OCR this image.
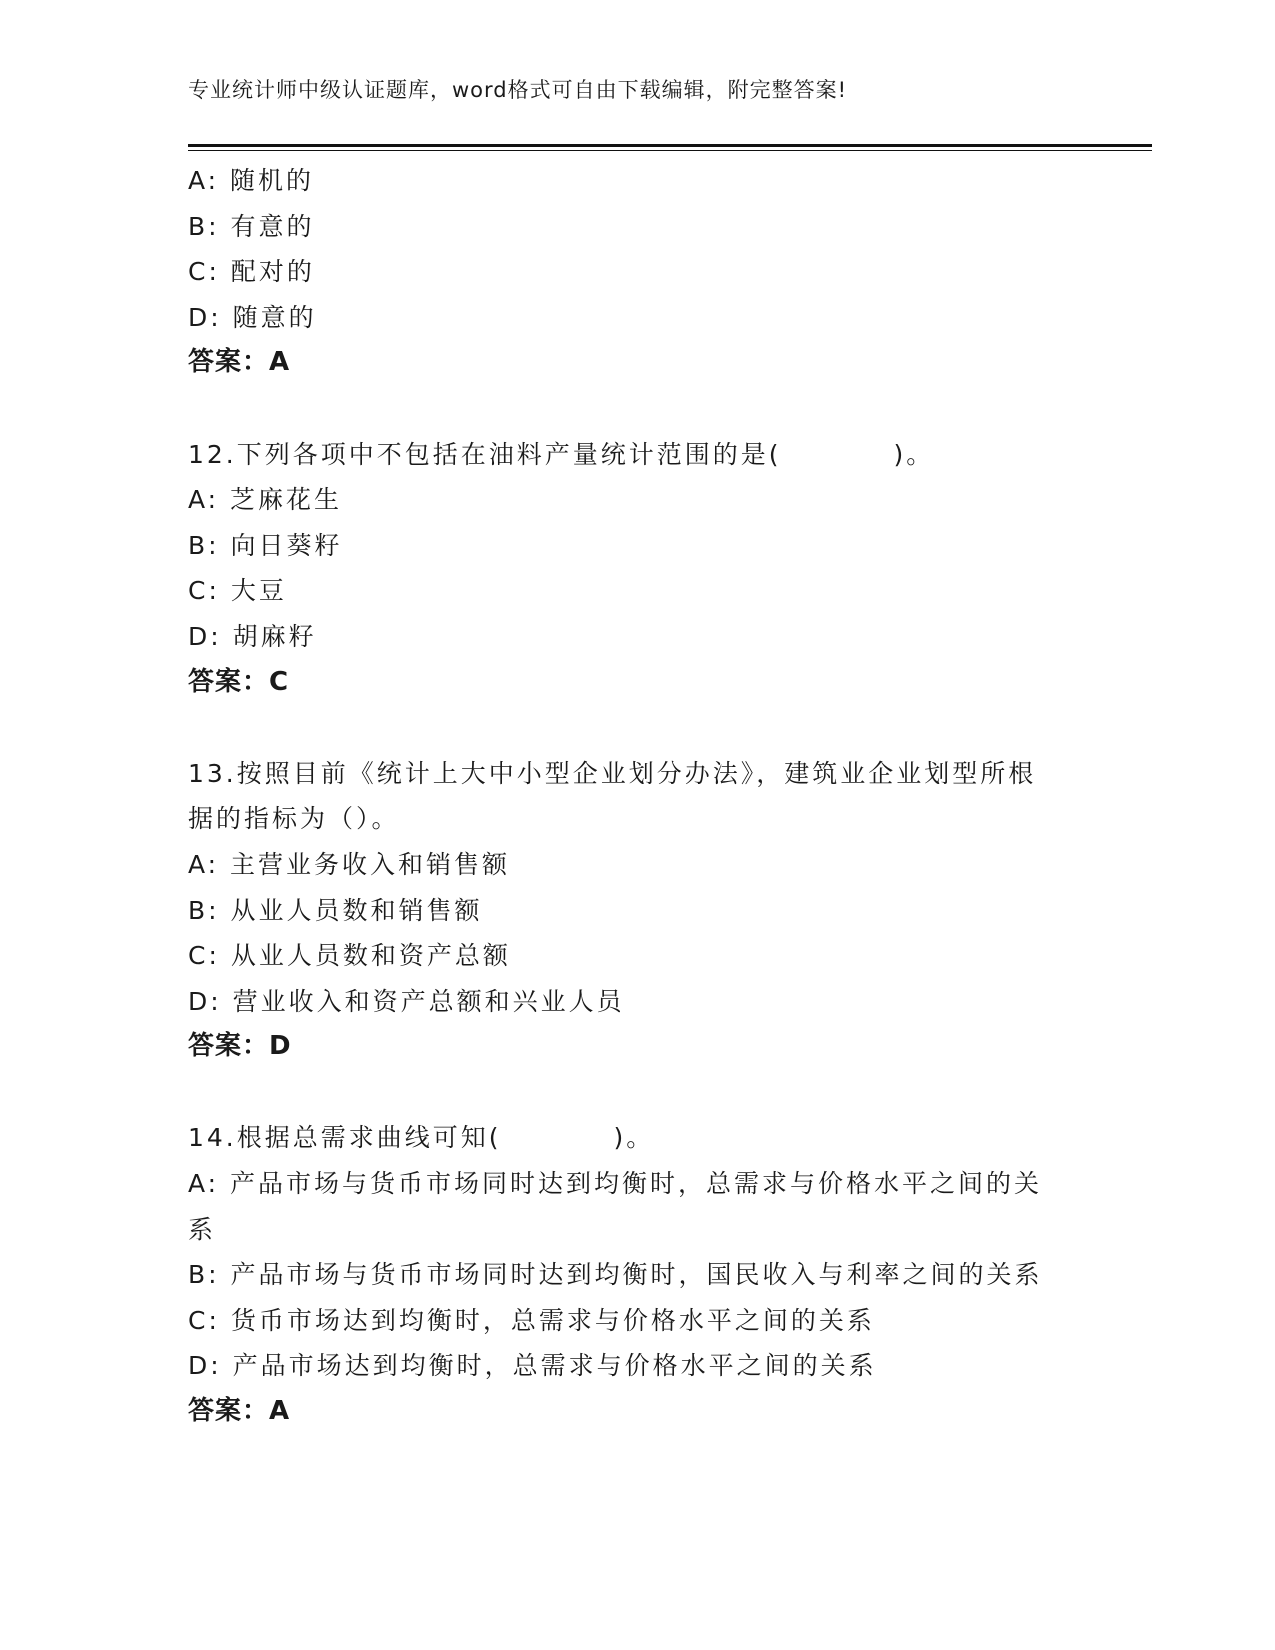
专业统计师中级认证题库，word格式可自由下载编辑，附完整答案!
A: 随机的
B: 有意的
C: 配对的
D: 随意的
答案：A
12.下列各项中不包括在油料产量统计范围的是(　　　　)。
A: 芝麻花生
B: 向日葵籽
C: 大豆
D: 胡麻籽
答案：C
13.按照目前《统计上大中小型企业划分办法》，建筑业企业划型所根
据的指标为（）。
A: 主营业务收入和销售额
B: 从业人员数和销售额
C: 从业人员数和资产总额
D: 营业收入和资产总额和兴业人员
答案：D
14.根据总需求曲线可知(　　　　)。
A: 产品市场与货币市场同时达到均衡时，总需求与价格水平之间的关
系
B: 产品市场与货币市场同时达到均衡时，国民收入与利率之间的关系
C: 货币市场达到均衡时，总需求与价格水平之间的关系
D: 产品市场达到均衡时，总需求与价格水平之间的关系
答案：A
